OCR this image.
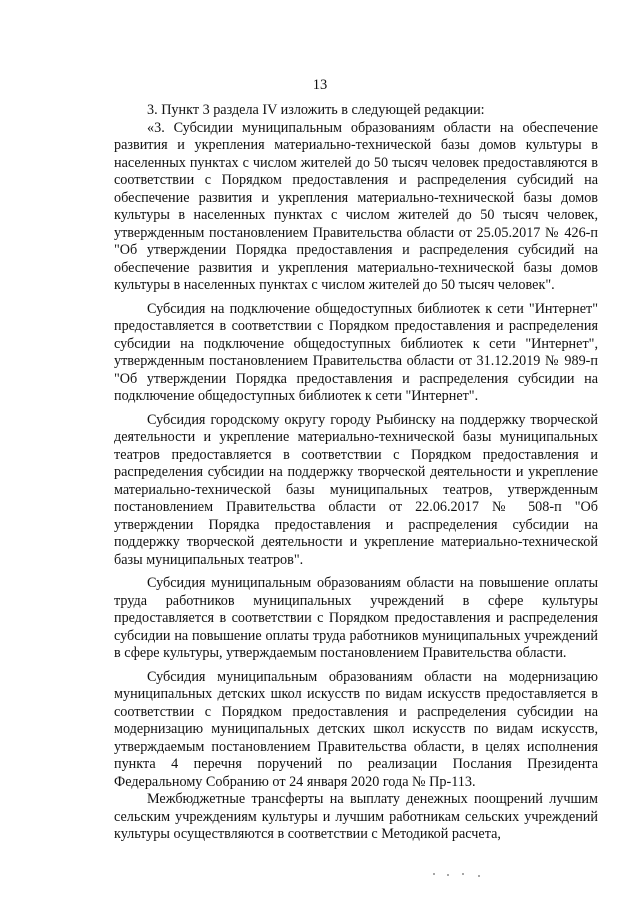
13

3. Пункт 3 раздела IV изложить в следующей редакции:

«3. Субсидии муниципальным образованиям области на обеспечение развития и укрепления материально-технической базы домов культуры в населенных пунктах с числом жителей до 50 тысяч человек предоставляются в соответствии с Порядком предоставления и распределения субсидий на обеспечение развития и укрепления материально-технической базы домов культуры в населенных пунктах с числом жителей до 50 тысяч человек, утвержденным постановлением Правительства области от 25.05.2017 № 426-п "Об утверждении Порядка предоставления и распределения субсидий на обеспечение развития и укрепления материально-технической базы домов культуры в населенных пунктах с числом жителей до 50 тысяч человек".

Субсидия на подключение общедоступных библиотек к сети "Интернет" предоставляется в соответствии с Порядком предоставления и распределения субсидии на подключение общедоступных библиотек к сети "Интернет", утвержденным постановлением Правительства области от 31.12.2019 № 989-п "Об утверждении Порядка предоставления и распределения субсидии на подключение общедоступных библиотек к сети "Интернет".

Субсидия городскому округу городу Рыбинску на поддержку творческой деятельности и укрепление материально-технической базы муниципальных театров предоставляется в соответствии с Порядком предоставления и распределения субсидии на поддержку творческой деятельности и укрепление материально-технической базы муниципальных театров, утвержденным постановлением Правительства области от 22.06.2017 № 508-п "Об утверждении Порядка предоставления и распределения субсидии на поддержку творческой деятельности и укрепление материально-технической базы муниципальных театров".

Субсидия муниципальным образованиям области на повышение оплаты труда работников муниципальных учреждений в сфере культуры предоставляется в соответствии с Порядком предоставления и распределения субсидии на повышение оплаты труда работников муниципальных учреждений в сфере культуры, утверждаемым постановлением Правительства области.

Субсидия муниципальным образованиям области на модернизацию муниципальных детских школ искусств по видам искусств предоставляется в соответствии с Порядком предоставления и распределения субсидии на модернизацию муниципальных детских школ искусств по видам искусств, утверждаемым постановлением Правительства области, в целях исполнения пункта 4 перечня поручений по реализации Послания Президента Федеральному Собранию от 24 января 2020 года № Пр-113.

Межбюджетные трансферты на выплату денежных поощрений лучшим сельским учреждениям культуры и лучшим работникам сельских учреждений культуры осуществляются в соответствии с Методикой расчета,
